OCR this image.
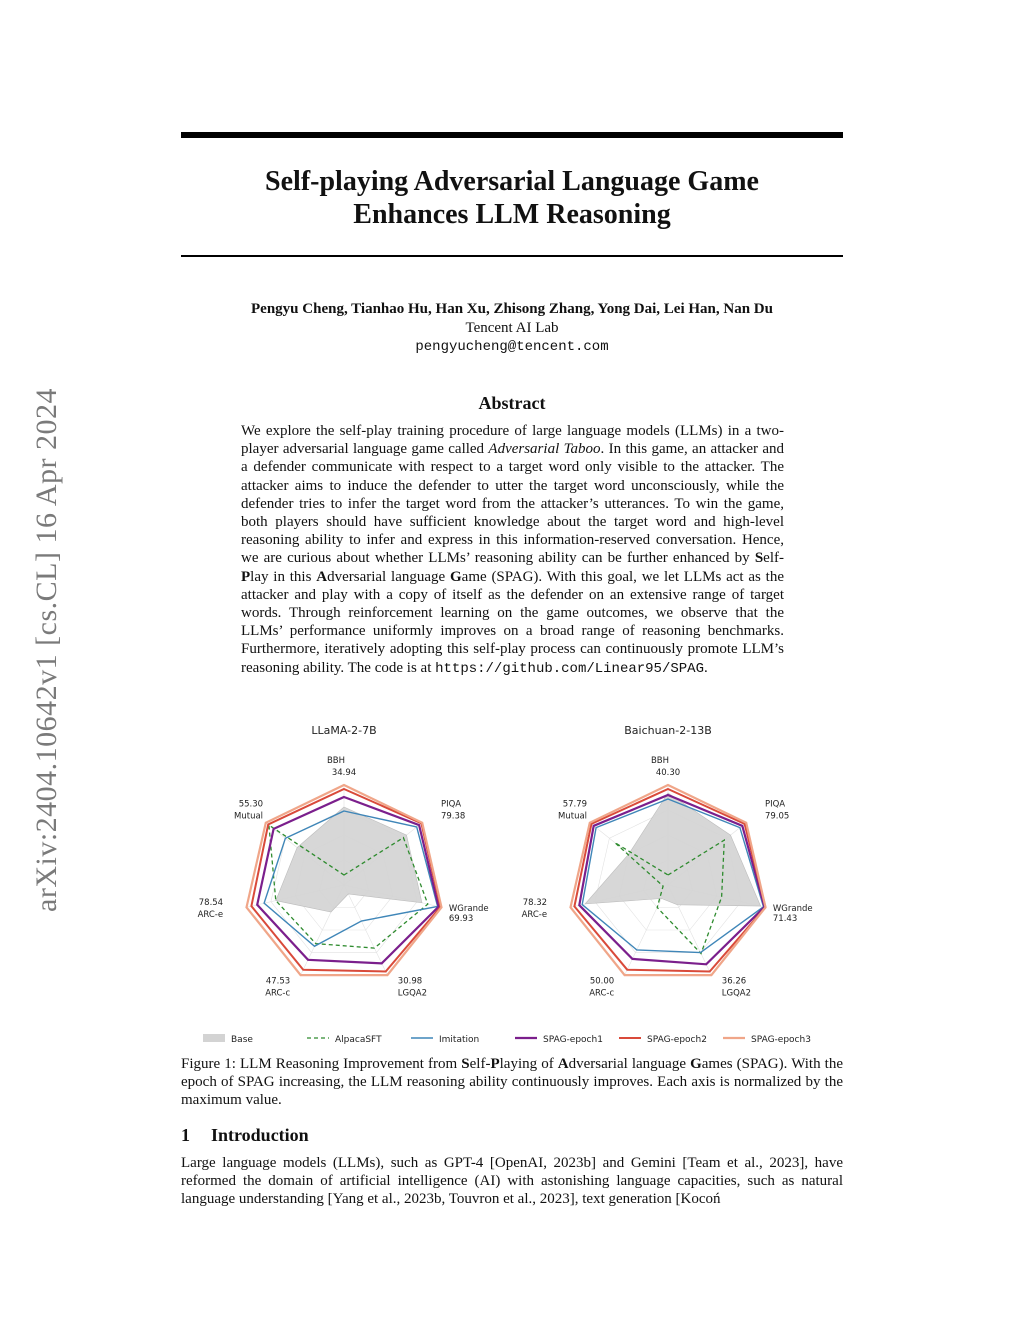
arXiv:2404.10642v1 [cs.CL] 16 Apr 2024
Self-playing Adversarial Language Game
Enhances LLM Reasoning
Pengyu Cheng, Tianhao Hu, Han Xu, Zhisong Zhang, Yong Dai, Lei Han, Nan Du
Tencent AI Lab
pengyucheng@tencent.com
Abstract

We explore the self-play training procedure of large language models (LLMs) in a two-player adversarial language game called Adversarial Taboo. In this game, an attacker and a defender communicate with respect to a target word only visible to the attacker. The attacker aims to induce the defender to utter the target word unconsciously, while the defender tries to infer the target word from the attacker’s utterances. To win the game, both players should have sufficient knowledge about the target word and high-level reasoning ability to infer and express in this information-reserved conversation. Hence, we are curious about whether LLMs’ reasoning ability can be further enhanced by Self-Play in this Adversarial language Game (SPAG). With this goal, we let LLMs act as the attacker and play with a copy of itself as the defender on an extensive range of target words. Through reinforcement learning on the game outcomes, we observe that the LLMs’ performance uniformly improves on a broad range of reasoning benchmarks. Furthermore, iteratively adopting this self-play process can continuously promote LLM’s reasoning ability. The code is at https://github.com/Linear95/SPAG.

LLaMA-2-7B
34.94
BBH
79.38
PIQA
69.93
WGrande
30.98
LGQA2
47.53
ARC-c
78.54
ARC-e
55.30
Mutual
Baichuan-2-13B
40.30
BBH
79.05
PIQA
71.43
WGrande
36.26
LGQA2
50.00
ARC-c
78.32
ARC-e
57.79
Mutual
Base	AlpacaSFT	Imitation	SPAG-epoch1	SPAG-epoch2	SPAG-epoch3
Figure 1: LLM Reasoning Improvement from Self-Playing of Adversarial language Games (SPAG). With the epoch of SPAG increasing, the LLM reasoning ability continuously improves. Each axis is normalized by the maximum value.
1 Introduction
Large language models (LLMs), such as GPT-4 [OpenAI, 2023b] and Gemini [Team et al., 2023], have reformed the domain of artificial intelligence (AI) with astonishing language capacities, such as natural language understanding [Yang et al., 2023b, Touvron et al., 2023], text generation [Kocoń
